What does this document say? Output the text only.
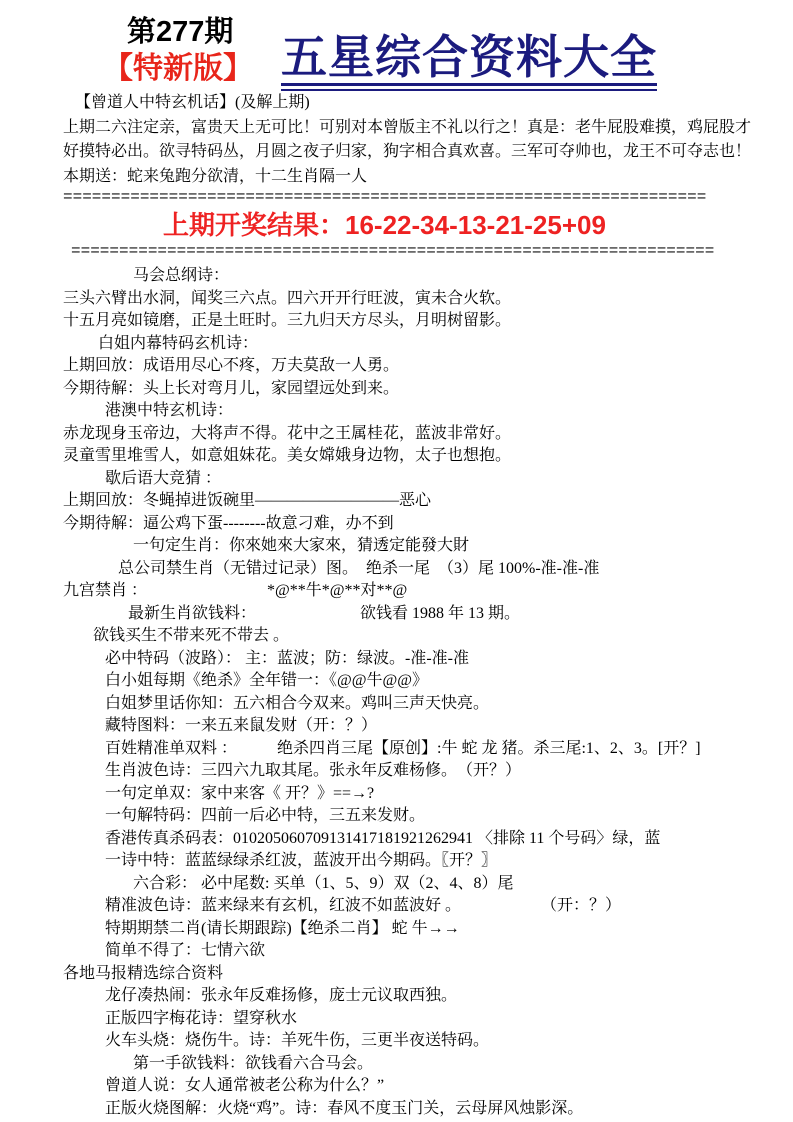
第277期
【特新版】 五星综合资料大全
【曾道人中特玄机话】(及解上期)
上期二六注定亲，富贵天上无可比！可别对本曾版主不礼以行之！真是：老牛屁股难摸，鸡屁股才
好摸特必出。欲寻特码丛，月圆之夜子归家，狗字相合真欢喜。三军可夺帅也，龙王不可夺志也！
本期送：蛇来兔跑分欲清，十二生肖隔一人
===================================================================
上期开奖结果：16-22-34-13-21-25+09
===================================================================
马会总纲诗：
三头六臂出水洞，闻奖三六点。四六开开行旺波，寅未合火软。
十五月亮如镜磨，正是土旺时。三九归天方尽头，月明树留影。
白姐内幕特码玄机诗：
上期回放：成语用尽心不疼，万夫莫敌一人勇。
今期待解：头上长对弯月儿，家园望远处到来。
港澳中特玄机诗：
赤龙现身玉帝边，大将声不得。花中之王属桂花，蓝波非常好。
灵童雪里堆雪人，如意姐妹花。美女嫦娥身边物，太子也想抱。
歇后语大竞猜 ：
上期回放：冬蝇掉进饭碗里—————————恶心
今期待解：逼公鸡下蛋--------故意刁难，办不到
一句定生肖：你來她來大家來，猜透定能發大財
总公司禁生肖（无错过记录）图。　绝杀一尾　（3）尾 100%-准-准-准
九宫禁肖 ：　　　　　　　　*@**牛*@**对**@
最新生肖欲钱料：　　　　　　　欲钱看 1988 年 13 期。
欲钱买生不带来死不带去 。
必中特码（波路）： 主：蓝波；防：绿波。-准-准-准
白小姐每期《绝杀》全年错一：《@@牛@@》
白姐梦里话你知：五六相合今双来。鸡叫三声天快亮。
藏特图料：一来五来鼠发财（开：？）
百姓精准单双料 ：　　　绝杀四肖三尾【原创】:牛 蛇 龙 猪。杀三尾:1、2、3。[开？]
生肖波色诗：三四六九取其尾。张永年反难杨修。　（开？）
一句定单双：家中来客《 开？》==→?
一句解特码：四前一后必中特，三五来发财。
香港传真杀码表：010205060709131417181921262941 〈排除 11 个号码〉绿，蓝
一诗中特：蓝蓝绿绿杀红波，蓝波开出今期码。〖开？〗
六合彩： 必中尾数: 买单（1、5、9）双（2、4、8）尾
精准波色诗：蓝来绿来有玄机，红波不如蓝波好 。　　　　　　（开：？）
特期期禁二肖(请长期跟踪)【绝杀二肖】 蛇 牛→→
简单不得了：七情六欲
各地马报精选综合资料
龙仔凑热闹：张永年反难扬修，庞士元议取西独。
正版四字梅花诗：望穿秋水
火车头烧：烧伤牛。诗：羊死牛伤，三更半夜送特码。
第一手欲钱料：欲钱看六合马会。
曾道人说：女人通常被老公称为什么？”
正版火烧图解：火烧“鸡”。诗：春风不度玉门关，云母屏风烛影深。
